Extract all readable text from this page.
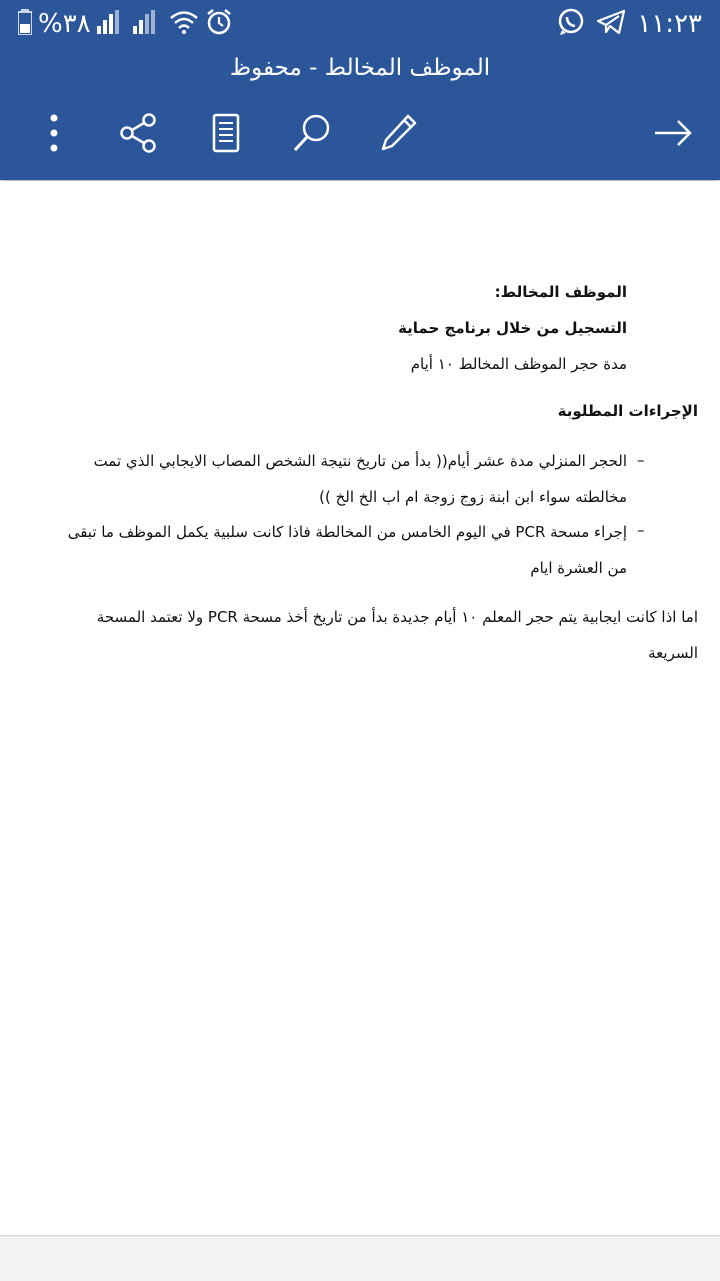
%٣٨	١١:٢٣
الموظف المخالط - محفوظ

الموظف المخالط:

التسجيل من خلال برنامج حماية

مدة حجر الموظف المخالط ١٠ أيام

الإجراءات المطلوبة

–

الحجر المنزلي مدة عشر أيام(( بدأ من تاريخ نتيجة الشخص المصاب الايجابي الذي تمت

مخالطته سواء ابن ابنة زوج زوجة ام اب الخ الخ ))

–

إجراء مسحة PCR في اليوم الخامس من المخالطة فاذا كانت سلبية يكمل الموظف ما تبقى

من العشرة ايام

اما اذا كانت ايجابية يتم حجر المعلم ١٠ أيام جديدة بدأ من تاريخ أخذ مسحة PCR ولا تعتمد المسحة

السريعة
